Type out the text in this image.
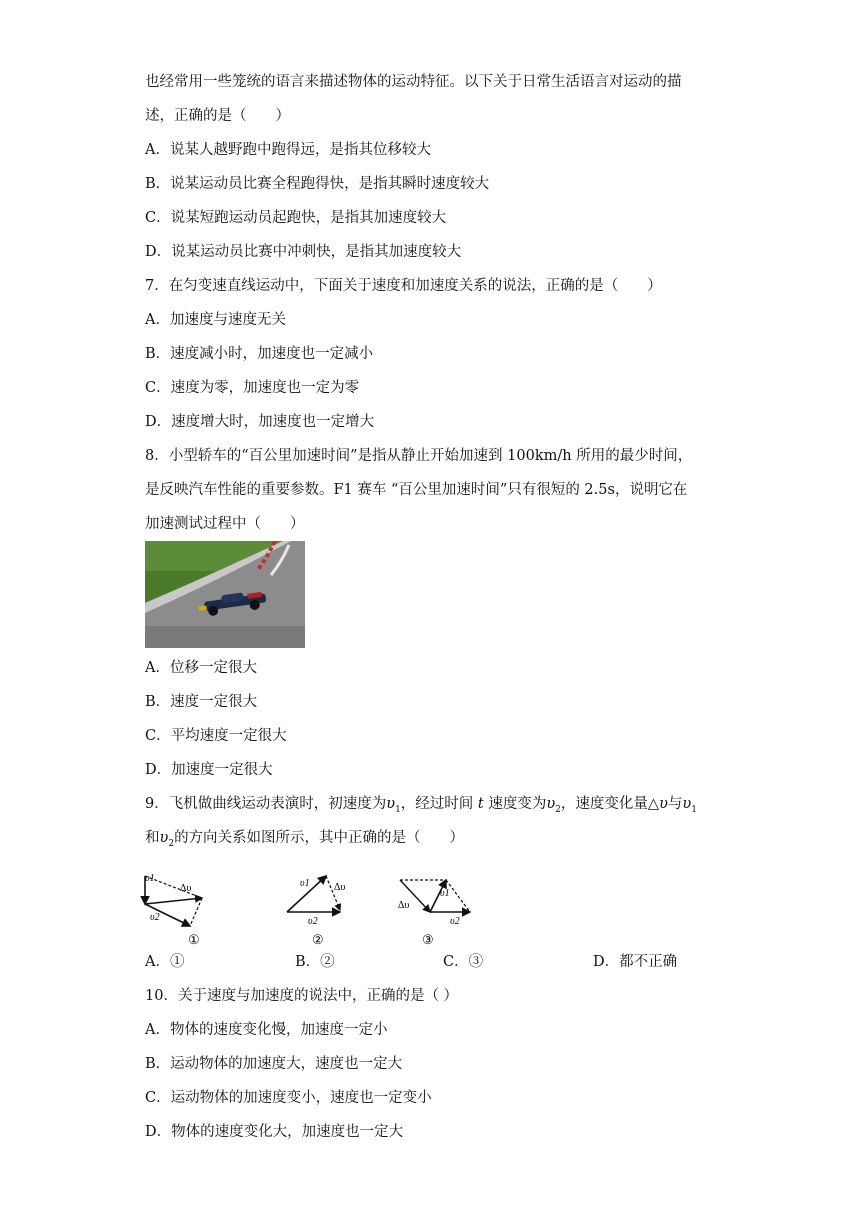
也经常用一些笼统的语言来描述物体的运动特征。以下关于日常生活语言对运动的描
述，正确的是（　　）
A．说某人越野跑中跑得远，是指其位移较大
B．说某运动员比赛全程跑得快，是指其瞬时速度较大
C．说某短跑运动员起跑快，是指其加速度较大
D．说某运动员比赛中冲刺快，是指其加速度较大
7．在匀变速直线运动中，下面关于速度和加速度关系的说法，正确的是（　　）
A．加速度与速度无关
B．速度减小时，加速度也一定减小
C．速度为零，加速度也一定为零
D．速度增大时，加速度也一定增大
8．小型轿车的“百公里加速时间”是指从静止开始加速到 100km/h 所用的最少时间，
是反映汽车性能的重要参数。F1 赛车 “百公里加速时间”只有很短的 2.5s，说明它在
加速测试过程中（　　）
A．位移一定很大
B．速度一定很大
C．平均速度一定很大
D．加速度一定很大
9．飞机做曲线运动表演时，初速度为$\upsilon_1$，经过时间 t 速度变为$\upsilon_2$，速度变化量△υ与$\upsilon_1$
和$\upsilon_2$的方向关系如图所示，其中正确的是（　　）
υ1
Δυ
υ2
①
υ1 Δυ
υ2
②
υ1
Δυ
υ2
③
A．①	B．②	C．③	D．都不正确
10．关于速度与加速度的说法中，正确的是（ ）
A．物体的速度变化慢，加速度一定小
B．运动物体的加速度大，速度也一定大
C．运动物体的加速度变小，速度也一定变小
D．物体的速度变化大，加速度也一定大
